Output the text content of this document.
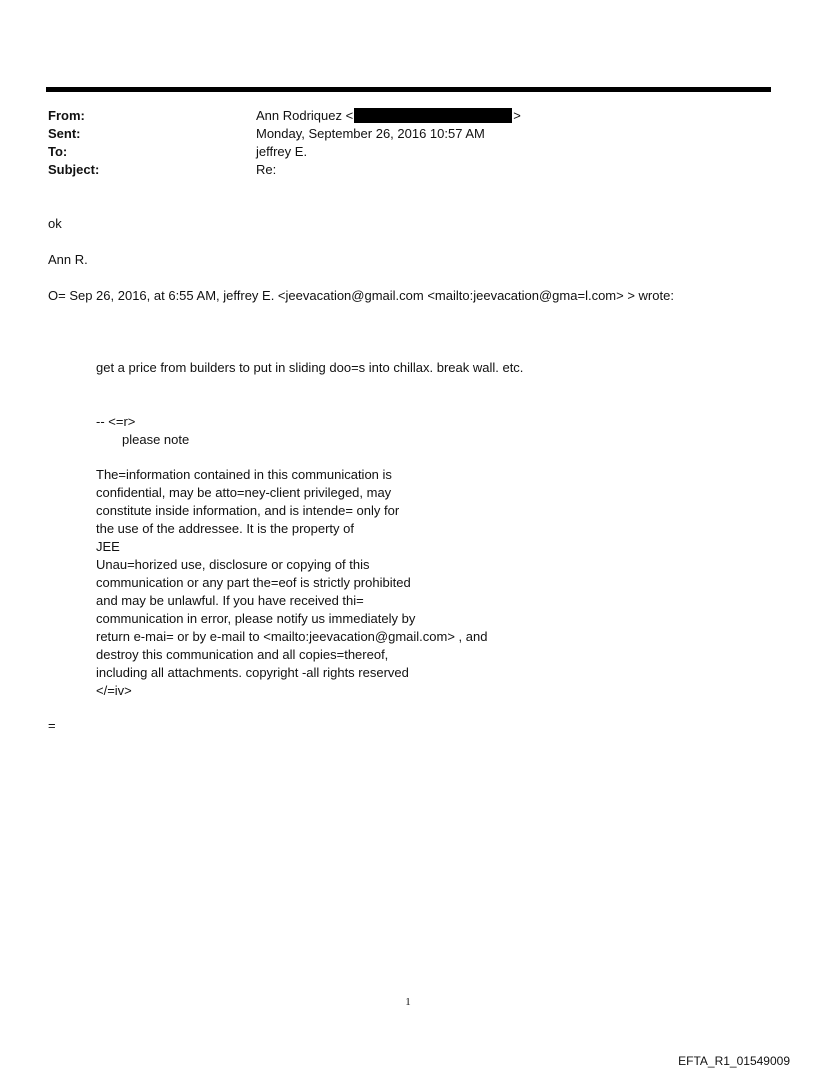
From:	Ann Rodriquez <	>
Sent:	Monday, September 26, 2016 10:57 AM
To:	jeffrey E.
Subject:	Re:
ok
Ann R.
O= Sep 26, 2016, at 6:55 AM, jeffrey E. <jeevacation@gmail.com <mailto:jeevacation@gma=l.com> > wrote:
get a price from builders to put in sliding doo=s into chillax. break wall. etc.
-- <=r>
please note
The=information contained in this communication is
confidential, may be atto=ney-client privileged, may
constitute inside information, and is intende= only for
the use of the addressee. It is the property of
JEE
Unau=horized use, disclosure or copying of this
communication or any part the=eof is strictly prohibited
and may be unlawful. If you have received thi=
communication in error, please notify us immediately by
return e-mai= or by e-mail to <mailto:jeevacation@gmail.com> , and
destroy this communication and all copies=thereof,
including all attachments. copyright -all rights reserved
</=iv>
=
1
EFTA_R1_01549009
